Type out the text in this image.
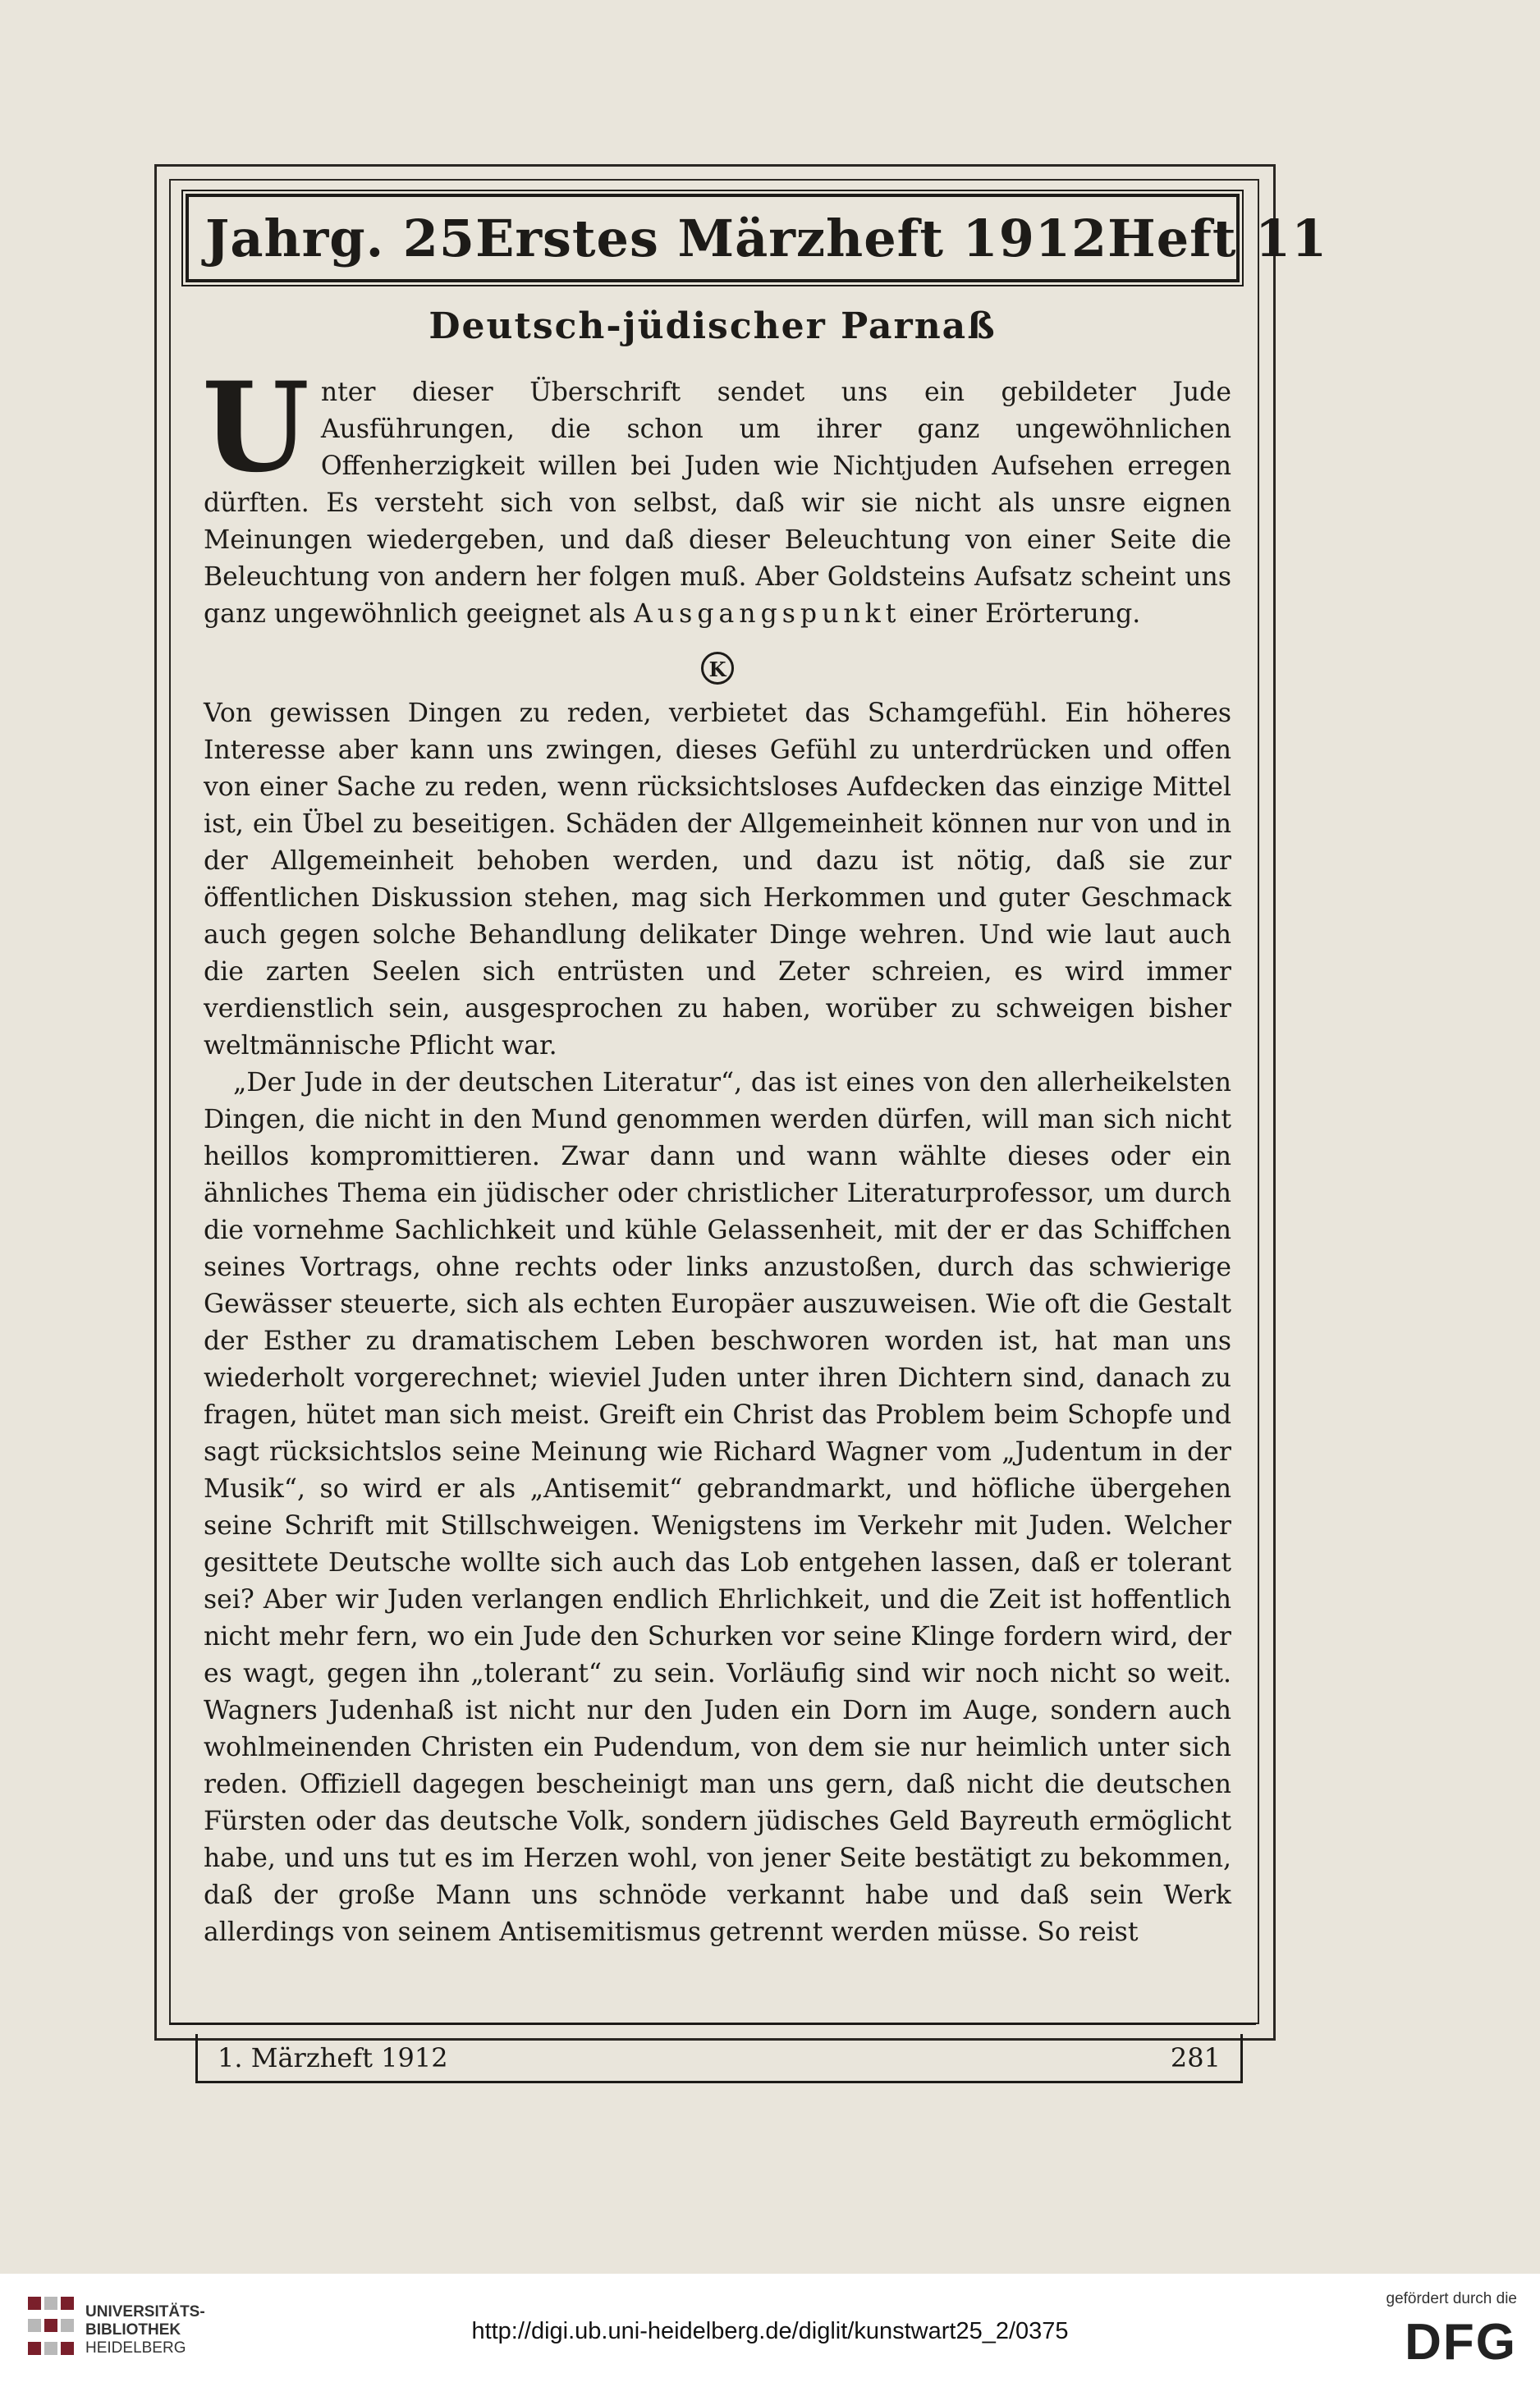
Jahrg. 25 Erstes Märzheft 1912 Heft 11
Deutsch-jüdischer Parnaß

Unter dieser Überschrift sendet uns ein gebildeter Jude Ausführungen, die schon um ihrer ganz ungewöhnlichen Offenherzigkeit willen bei Juden wie Nichtjuden Aufsehen erregen dürften. Es versteht sich von selbst, daß wir sie nicht als unsre eignen Meinungen wiedergeben, und daß dieser Beleuchtung von einer Seite die Beleuchtung von andern her folgen muß. Aber Goldsteins Aufsatz scheint uns ganz ungewöhnlich geeignet als Ausgangspunkt einer Erörterung.

K

Von gewissen Dingen zu reden, verbietet das Schamgefühl. Ein höheres Interesse aber kann uns zwingen, dieses Gefühl zu unterdrücken und offen von einer Sache zu reden, wenn rücksichtsloses Aufdecken das einzige Mittel ist, ein Übel zu beseitigen. Schäden der Allgemeinheit können nur von und in der Allgemeinheit behoben werden, und dazu ist nötig, daß sie zur öffentlichen Diskussion stehen, mag sich Herkommen und guter Geschmack auch gegen solche Behandlung delikater Dinge wehren. Und wie laut auch die zarten Seelen sich entrüsten und Zeter schreien, es wird immer verdienstlich sein, ausgesprochen zu haben, worüber zu schweigen bisher weltmännische Pflicht war.

„Der Jude in der deutschen Literatur“, das ist eines von den allerheikelsten Dingen, die nicht in den Mund genommen werden dürfen, will man sich nicht heillos kompromittieren. Zwar dann und wann wählte dieses oder ein ähnliches Thema ein jüdischer oder christlicher Literaturprofessor, um durch die vornehme Sachlichkeit und kühle Gelassenheit, mit der er das Schiffchen seines Vortrags, ohne rechts oder links anzustoßen, durch das schwierige Gewässer steuerte, sich als echten Europäer auszuweisen. Wie oft die Gestalt der Esther zu dramatischem Leben beschworen worden ist, hat man uns wiederholt vorgerechnet; wieviel Juden unter ihren Dichtern sind, danach zu fragen, hütet man sich meist. Greift ein Christ das Problem beim Schopfe und sagt rücksichtslos seine Meinung wie Richard Wagner vom „Judentum in der Musik“, so wird er als „Antisemit“ gebrandmarkt, und höfliche übergehen seine Schrift mit Stillschweigen. Wenigstens im Verkehr mit Juden. Welcher gesittete Deutsche wollte sich auch das Lob entgehen lassen, daß er tolerant sei? Aber wir Juden verlangen endlich Ehrlichkeit, und die Zeit ist hoffentlich nicht mehr fern, wo ein Jude den Schurken vor seine Klinge fordern wird, der es wagt, gegen ihn „tolerant“ zu sein. Vorläufig sind wir noch nicht so weit. Wagners Judenhaß ist nicht nur den Juden ein Dorn im Auge, sondern auch wohlmeinenden Christen ein Pudendum, von dem sie nur heimlich unter sich reden. Offiziell dagegen bescheinigt man uns gern, daß nicht die deutschen Fürsten oder das deutsche Volk, sondern jüdisches Geld Bayreuth ermöglicht habe, und uns tut es im Herzen wohl, von jener Seite bestätigt zu bekommen, daß der große Mann uns schnöde verkannt habe und daß sein Werk allerdings von seinem Antisemitismus getrennt werden müsse. So reist

1. Märzheft 1912	281
UNIVERSITÄTS-
BIBLIOTHEK
HEIDELBERG
http://digi.ub.uni-heidelberg.de/diglit/kunstwart25_2/0375
gefördert durch die
DFG
